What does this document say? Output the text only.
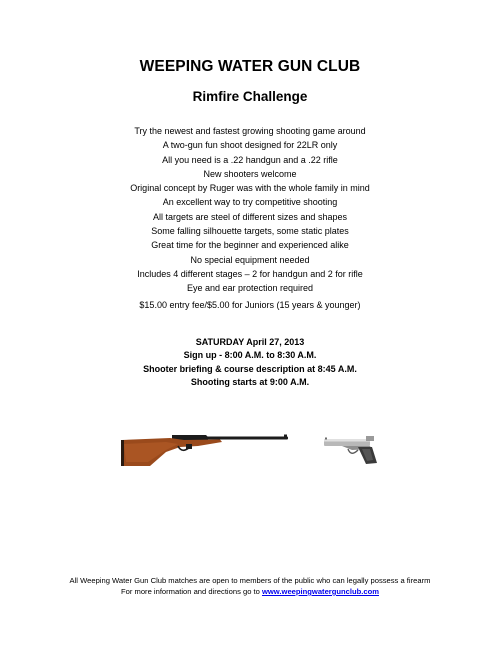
WEEPING WATER GUN CLUB
Rimfire Challenge
Try the newest and fastest growing shooting game around
A two-gun fun shoot designed for 22LR only
All you need is a .22 handgun and a .22 rifle
New shooters welcome
Original concept by Ruger was with the whole family in mind
An excellent way to try competitive shooting
All targets are steel of different sizes and shapes
Some falling silhouette targets, some static plates
Great time for the beginner and experienced alike
No special equipment needed
Includes 4 different stages – 2 for handgun and 2 for rifle
Eye and ear protection required
$15.00 entry fee/$5.00 for Juniors (15 years & younger)
SATURDAY April 27, 2013
Sign up - 8:00 A.M. to 8:30 A.M.
Shooter briefing & course description at 8:45 A.M.
Shooting starts at 9:00 A.M.
All Weeping Water Gun Club matches are open to members of the public who can legally possess a firearm
For more information and directions go to www.weepingwatergunclub.com
